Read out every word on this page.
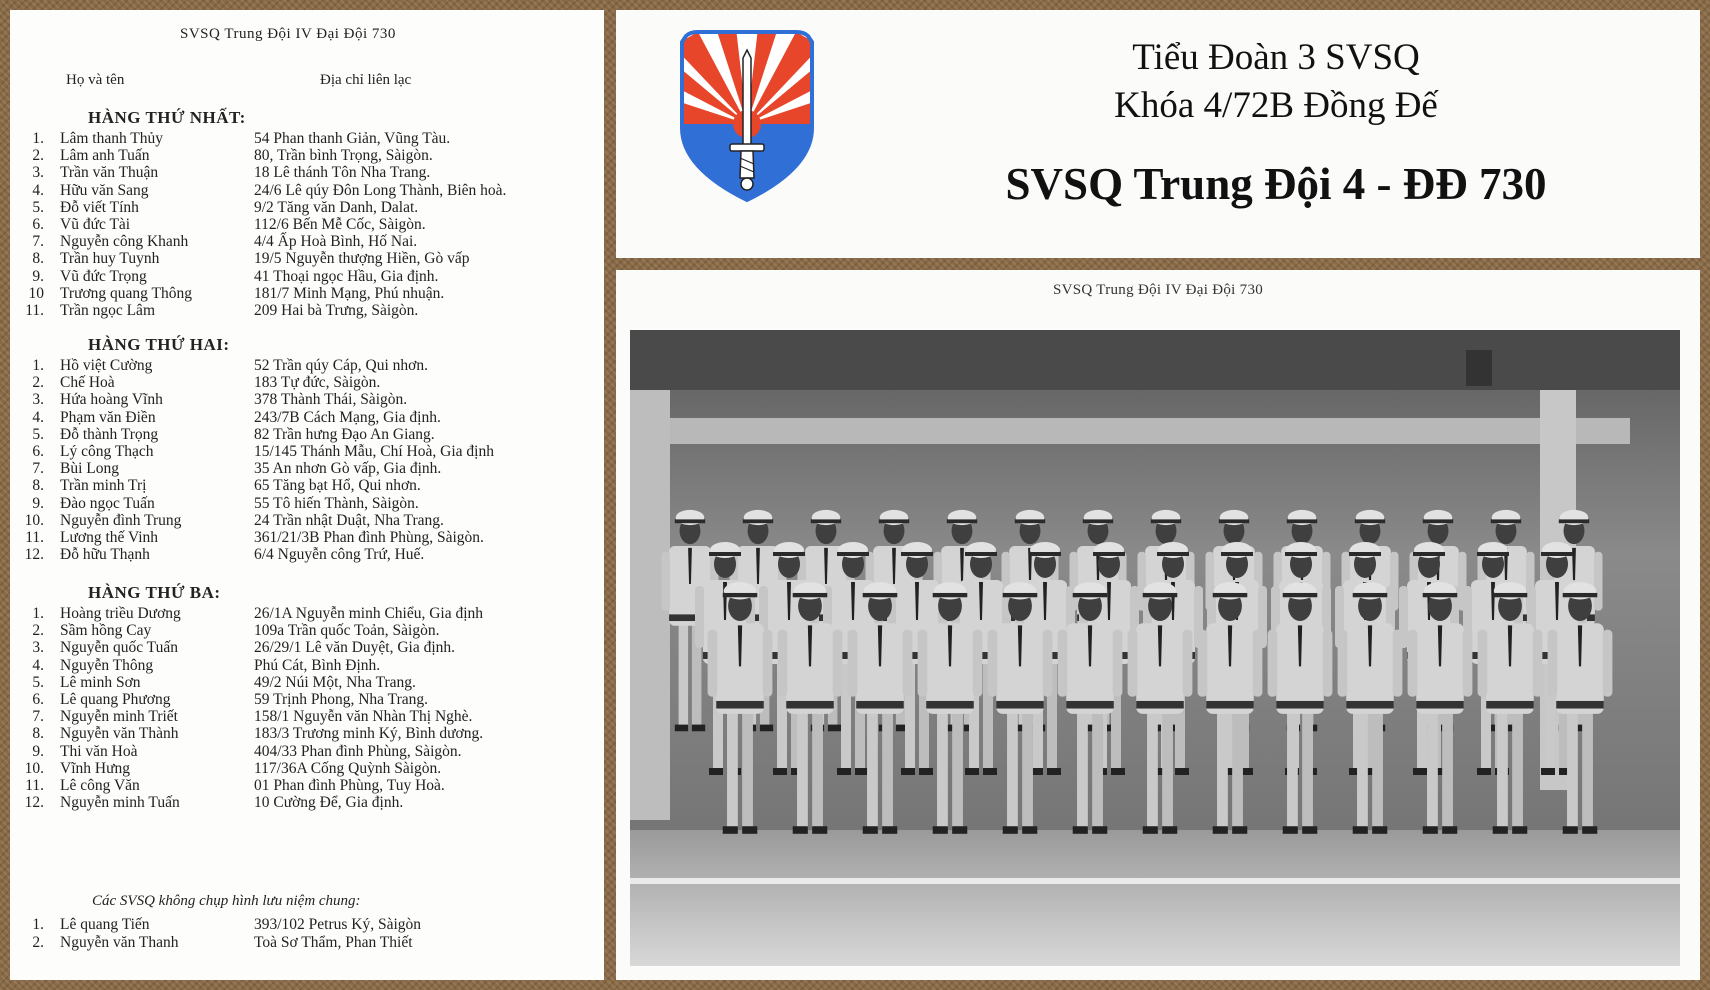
SVSQ Trung Đội IV Đại Đội 730
Họ và tên	Địa chỉ liên lạc
HÀNG THỨ NHẤT:
1. Lâm thanh Thủy	54 Phan thanh Giản, Vũng Tàu.
2. Lâm anh Tuấn	80, Trần bình Trọng, Sàigòn.
3. Trần văn Thuận	18 Lê thánh Tôn Nha Trang.
4. Hữu văn Sang	24/6 Lê qúy Đôn Long Thành, Biên hoà.
5. Đỗ viết Tính	9/2 Tăng văn Danh, Dalat.
6. Vũ đức Tài	112/6 Bến Mễ Cốc, Sàigòn.
7. Nguyễn công Khanh	4/4 Ấp Hoà Bình, Hố Nai.
8. Trần huy Tuynh	19/5 Nguyễn thượng Hiền, Gò vấp
9. Vũ đức Trọng	41 Thoại ngọc Hầu, Gia định.
10 Trương quang Thông	181/7 Minh Mạng, Phú nhuận.
11. Trần ngọc Lâm	209 Hai bà Trưng, Sàigòn.
HÀNG THỨ HAI:
1. Hồ việt Cường	52 Trần qúy Cáp, Qui nhơn.
2. Chế Hoà	183 Tự đức, Sàigòn.
3. Hứa hoàng Vĩnh	378 Thành Thái, Sàigòn.
4. Phạm văn Điền	243/7B Cách Mạng, Gia định.
5. Đỗ thành Trọng	82 Trần hưng Đạo An Giang.
6. Lý công Thạch	15/145 Thánh Mẫu, Chí Hoà, Gia định
7. Bùi Long	35 An nhơn Gò vấp, Gia định.
8. Trần minh Trị	65 Tăng bạt Hổ, Qui nhơn.
9. Đào ngọc Tuấn	55 Tô hiến Thành, Sàigòn.
10. Nguyễn đình Trung	24 Trần nhật Duật, Nha Trang.
11. Lương thế Vinh	361/21/3B Phan đình Phùng, Sàigòn.
12. Đỗ hữu Thạnh	6/4 Nguyễn công Trứ, Huế.
HÀNG THỨ BA:
1. Hoàng triều Dương	26/1A Nguyễn minh Chiểu, Gia định
2. Sầm hồng Cay	109a Trần quốc Toản, Sàigòn.
3. Nguyễn quốc Tuấn	26/29/1 Lê văn Duyệt, Gia định.
4. Nguyễn Thông	Phú Cát, Bình Định.
5. Lê minh Sơn	49/2 Núi Một, Nha Trang.
6. Lê quang Phương	59 Trịnh Phong, Nha Trang.
7. Nguyễn minh Triết	158/1 Nguyễn văn Nhàn Thị Nghè.
8. Nguyễn văn Thành	183/3 Trương minh Ký, Bình dương.
9. Thi văn Hoà	404/33 Phan đình Phùng, Sàigòn.
10. Vĩnh Hưng	117/36A Cống Quỳnh Sàigòn.
11. Lê công Văn	01 Phan đình Phùng, Tuy Hoà.
12. Nguyễn minh Tuấn	10 Cường Để, Gia định.
Các SVSQ không chụp hình lưu niệm chung:
1. Lê quang Tiến	393/102 Petrus Ký, Sàigòn
2. Nguyễn văn Thanh	Toà Sơ Thẩm, Phan Thiết
Tiểu Đoàn 3 SVSQ
Khóa 4/72B Đồng Đế
SVSQ Trung Đội 4 - ĐĐ 730
SVSQ Trung Đội IV Đại Đội 730
